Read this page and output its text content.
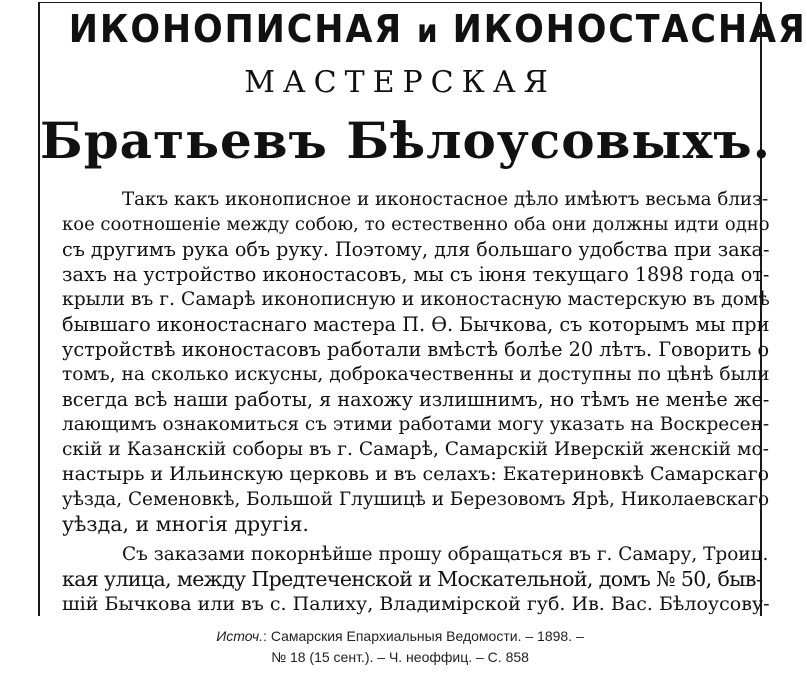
ИКОНОПИСНАЯ и ИКОНОСТАСНАЯ
МАСТЕРСКАЯ
Братьевъ Бѣлоусовыхъ.
Такъ какъ иконописное и иконостасное дѣло имѣютъ весьма близ-
кое соотношеніе между собою, то естественно оба они должны идти одно
съ другимъ рука объ руку. Поэтому, для большаго удобства при зака-
захъ на устройство иконостасовъ, мы съ іюня текущаго 1898 года от-
крыли въ г. Самарѣ иконописную и иконостасную мастерскую въ домѣ
бывшаго иконостаснаго мастера П. Ѳ. Бычкова, съ которымъ мы при
устройствѣ иконостасовъ работали вмѣстѣ болѣе 20 лѣтъ. Говорить о
томъ, на сколько искусны, доброкачественны и доступны по цѣнѣ были
всегда всѣ наши работы, я нахожу излишнимъ, но тѣмъ не менѣе же-
лающимъ ознакомиться съ этими работами могу указать на Воскресен-
скій и Казанскій соборы въ г. Самарѣ, Самарскій Иверскій женскій мо-
настырь и Ильинскую церковь и въ селахъ: Екатериновкѣ Самарскаго
уѣзда, Семеновкѣ, Большой Глушицѣ и Березовомъ Ярѣ, Николаевскаго
уѣзда, и многія другія.
Съ заказами покорнѣйше прошу обращаться въ г. Самару, Троиц.
кая улица, между Предтеченской и Москательной, домъ № 50, быв-
шій Бычкова или въ с. Палиху, Владимірской губ. Ив. Вас. Бѣлоусову-
Источ.: Самарския Епархиальныя Ведомости. – 1898. –
№ 18 (15 сент.). – Ч. неоффиц. – С. 858
